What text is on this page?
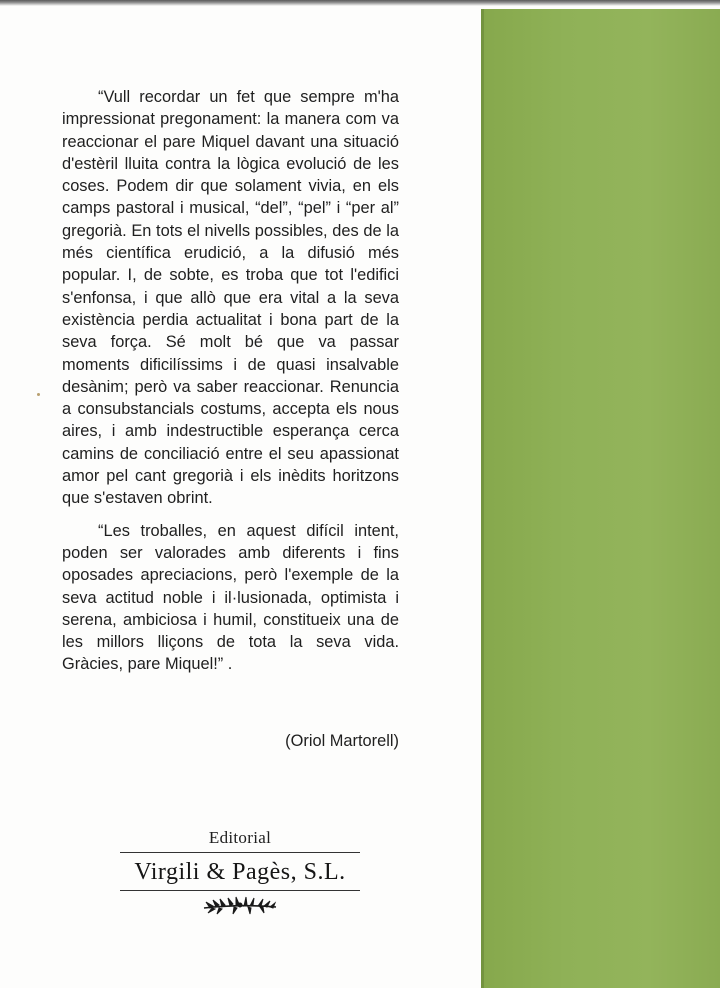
“Vull recordar un fet que sempre m'ha impressionat pregonament: la manera com va reaccionar el pare Miquel davant una situació d'estèril lluita contra la lògica evolució de les coses. Podem dir que solament vivia, en els camps pastoral i musical, “del”, “pel” i “per al” gregorià. En tots el nivells possibles, des de la més científica erudició, a la difusió més popular. I, de sobte, es troba que tot l'edifici s'enfonsa, i que allò que era vital a la seva existència perdia actualitat i bona part de la seva força. Sé molt bé que va passar moments dificilíssims i de quasi insalvable desànim; però va saber reaccionar. Renuncia a consubstancials costums, accepta els nous aires, i amb indestructible esperança cerca camins de conciliació entre el seu apassionat amor pel cant gregorià i els inèdits horitzons que s'estaven obrint.

“Les troballes, en aquest difícil intent, poden ser valorades amb diferents i fins oposades apreciacions, però l'exemple de la seva actitud noble i il·lusionada, optimista i serena, ambiciosa i humil, constitueix una de les millors lliçons de tota la seva vida. Gràcies, pare Miquel!” .

(Oriol Martorell)
Editorial
Virgili & Pagès, S.L.
